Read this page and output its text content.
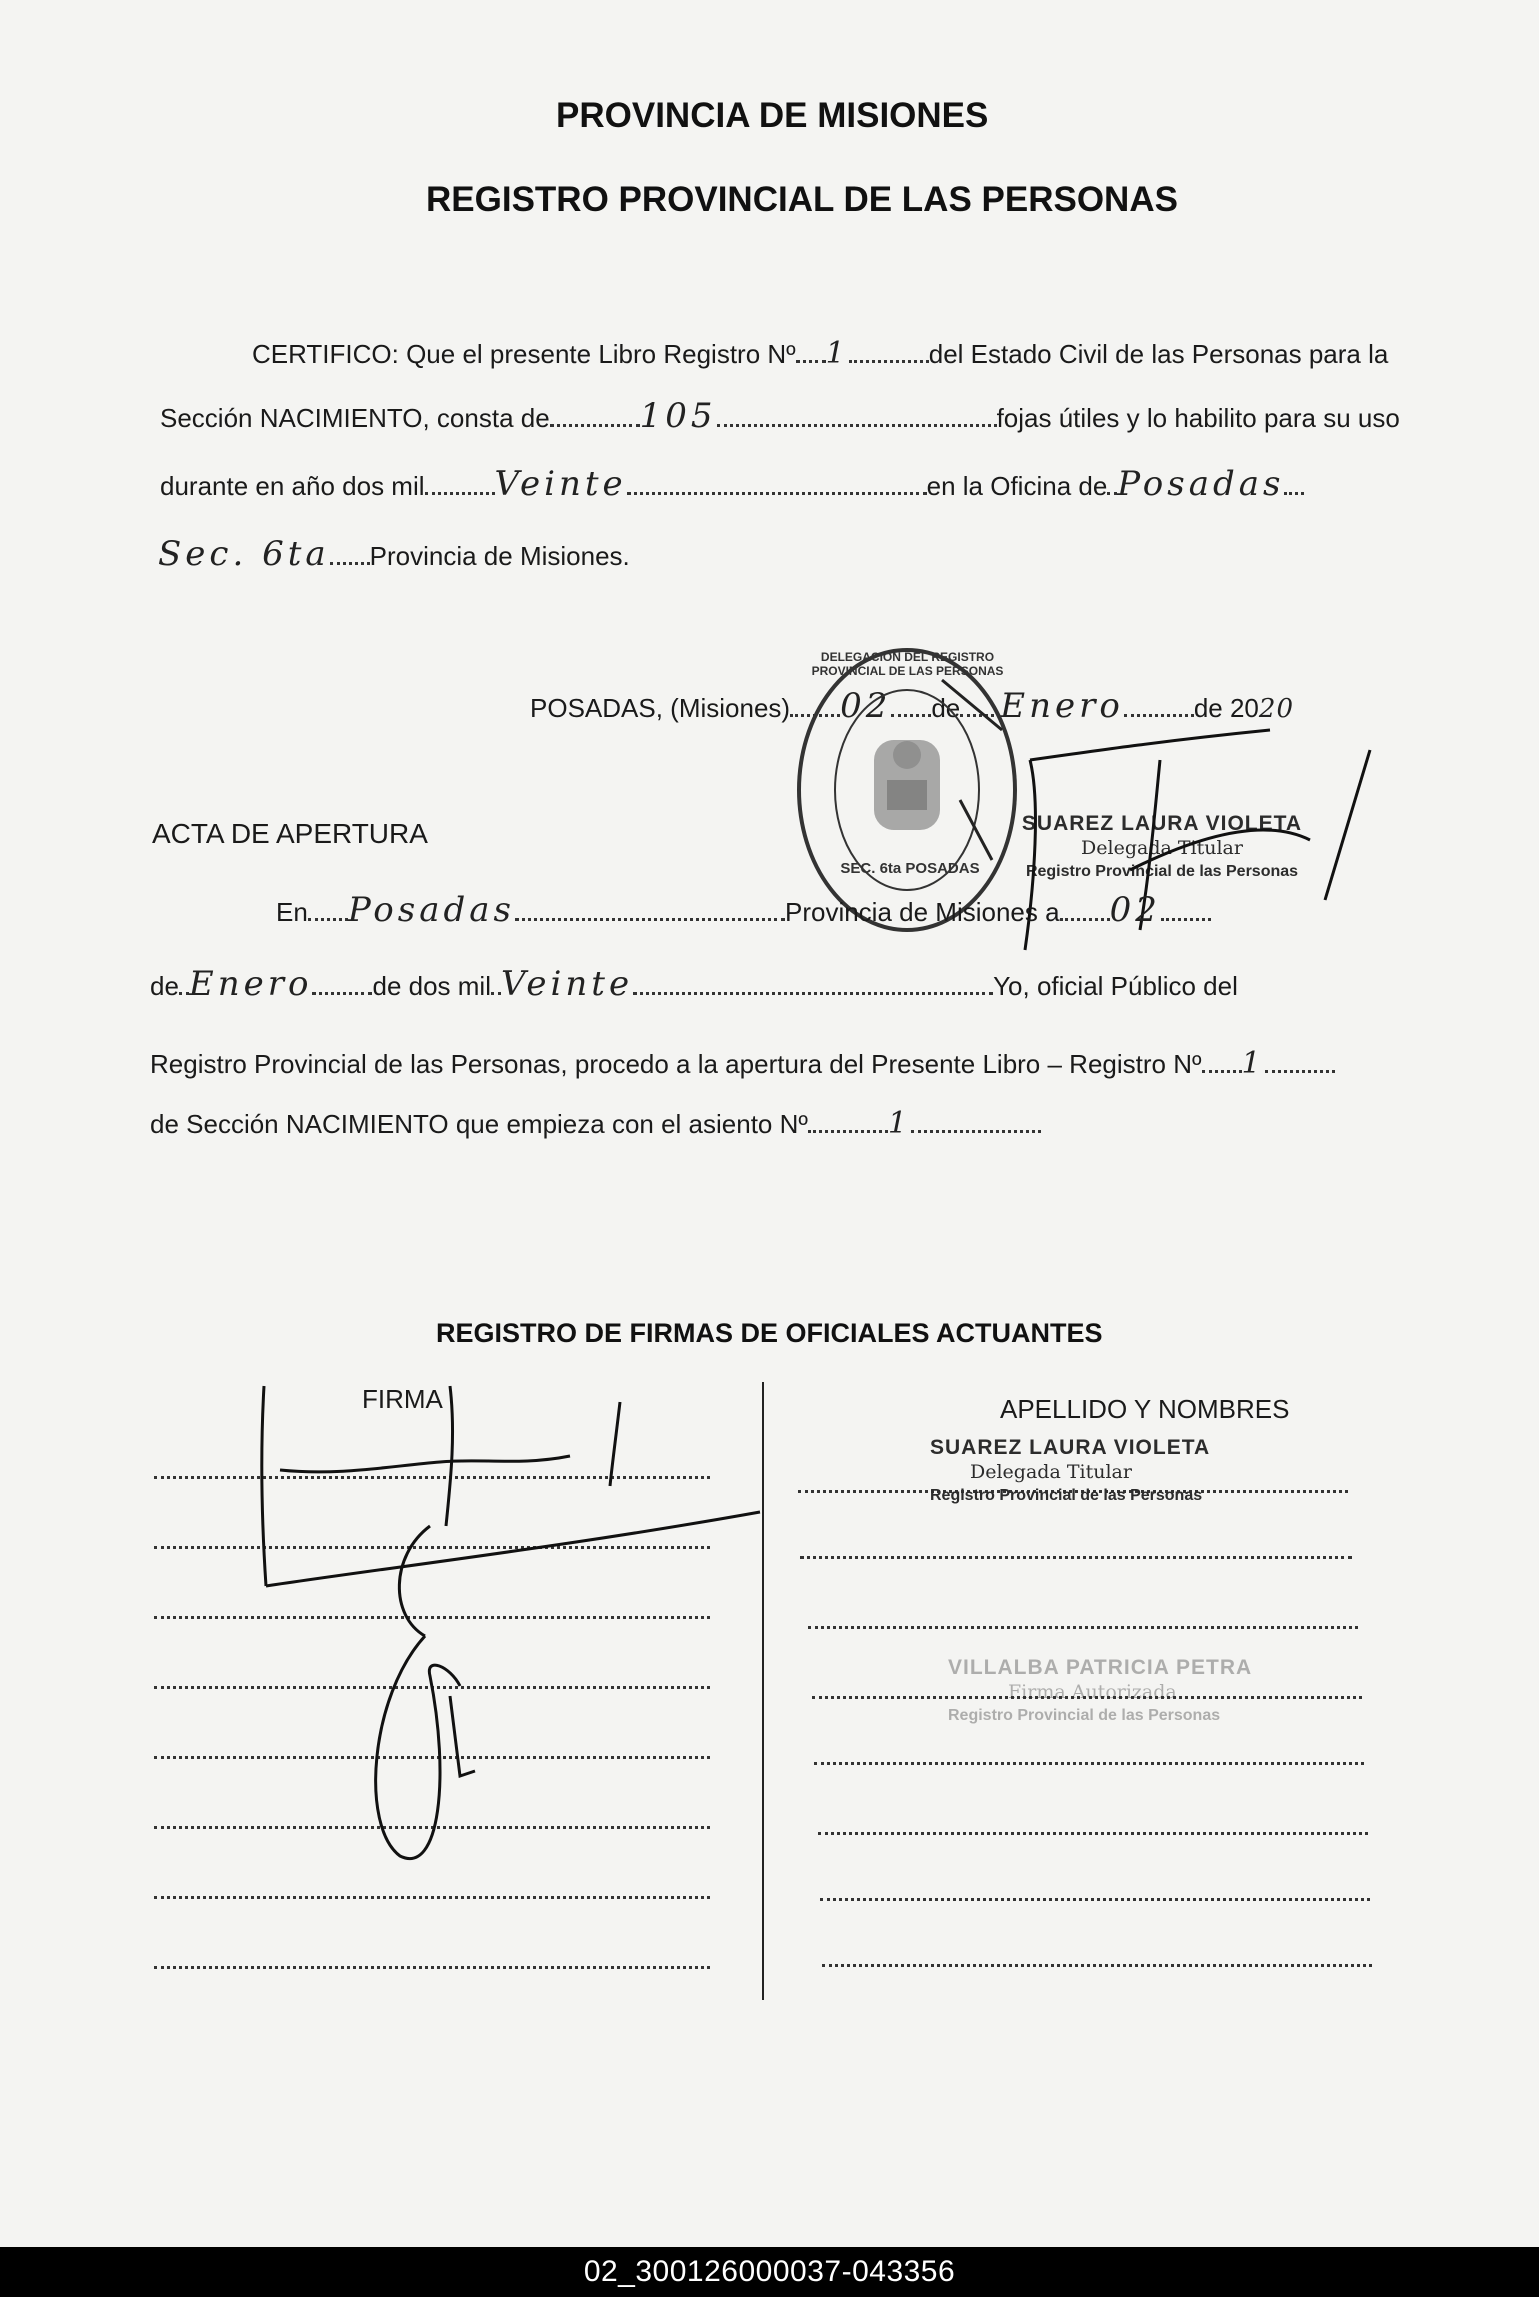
PROVINCIA DE MISIONES
REGISTRO PROVINCIAL DE LAS PERSONAS
CERTIFICO: Que el presente Libro Registro Nº 1	del Estado Civil de las Personas para la
Sección NACIMIENTO, consta de	105	fojas útiles y lo habilito para su uso
durante en año dos mil Veinte	en la Oficina de Posadas
Sec. 6ta Provincia de Misiones.
POSADAS, (Misiones) 02 de Enero	de 2020
DELEGACIÓN DEL REGISTRO PROVINCIAL DE LAS PERSONAS
SEC. 6ta POSADAS
SUAREZ LAURA VIOLETA
Delegada Titular
Registro Provincial de las Personas
ACTA DE APERTURA
En Posadas	Provincia de Misiones a 02
de Enero de dos mil Veinte	Yo, oficial Público del
Registro Provincial de las Personas, procedo a la apertura del Presente Libro – Registro Nº 1
de Sección NACIMIENTO que empieza con el asiento Nº	1
REGISTRO DE FIRMAS DE OFICIALES ACTUANTES
FIRMA	APELLIDO Y NOMBRES
SUAREZ LAURA VIOLETA
Delegada Titular
Registro Provincial de las Personas
VILLALBA PATRICIA PETRA
Firma Autorizada
Registro Provincial de las Personas
02_300126000037-043356
